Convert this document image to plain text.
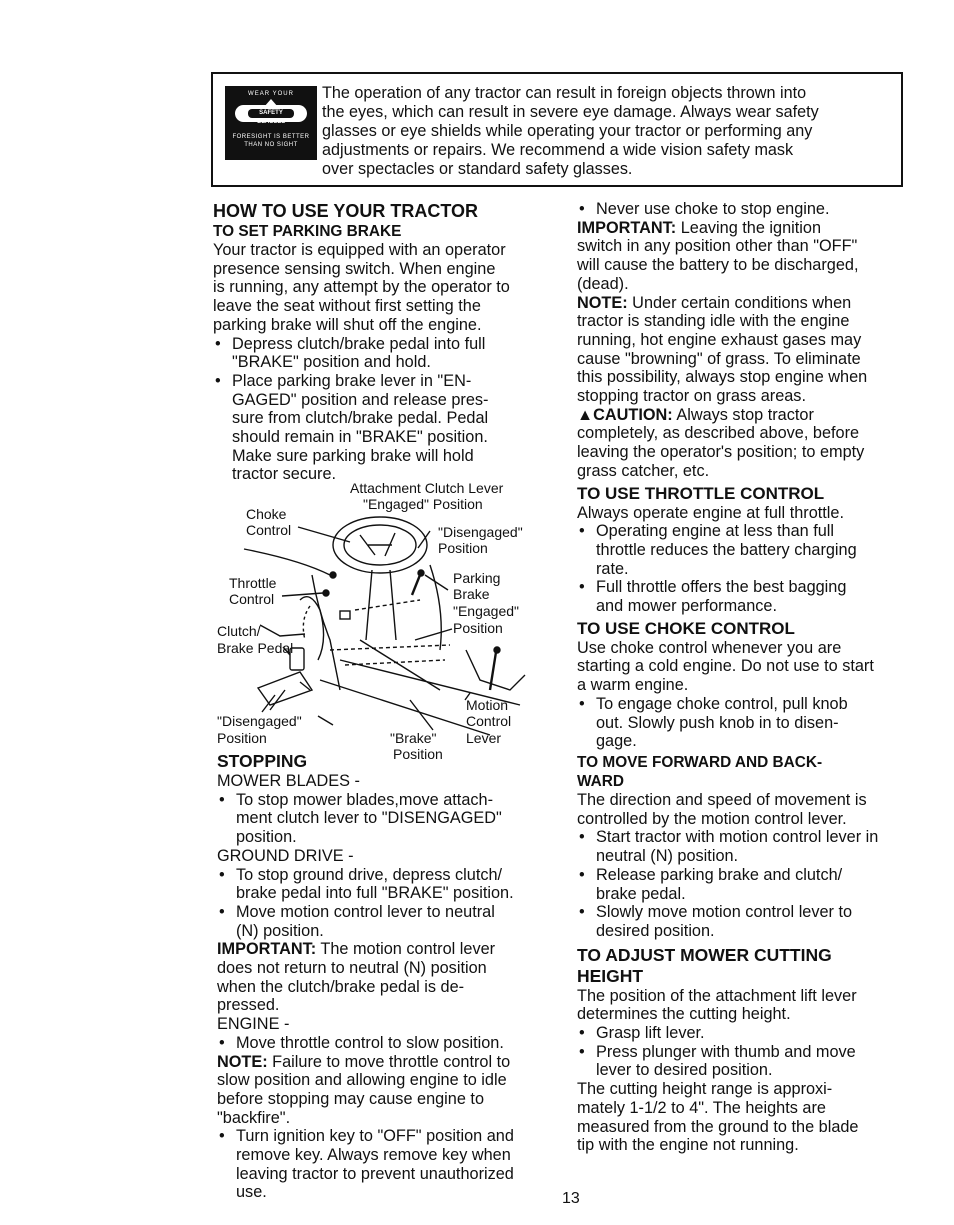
WEAR YOUR
SAFETY GLASSES
FORESIGHT IS BETTER THAN NO SIGHT

The operation of any tractor can result in foreign objects thrown into
the eyes, which can result in severe eye damage. Always wear safety
glasses or eye shields while operating your tractor or performing any
adjustments or repairs. We recommend a wide vision safety mask
over spectacles or standard safety glasses.

HOW TO USE YOUR TRACTOR

TO SET PARKING BRAKE

Your tractor is equipped with an operator
presence sensing switch. When engine
is running, any attempt by the operator to
leave the seat without first setting the
parking brake will shut off the engine.

• Depress clutch/brake pedal into full
"BRAKE" position and hold.

• Place parking brake lever in "EN-
GAGED" position and release pres-
sure from clutch/brake pedal. Pedal
should remain in "BRAKE" position.
Make sure parking brake will hold
tractor secure.

Attachment Clutch Lever
"Engaged" Position
Choke
Control	"Disengaged"
Position
Throttle
Control
Parking
Brake
"Engaged"
Position
Clutch/
Brake Pedal
Motion
Control
Lever
"Disengaged"
Position	"Brake"
Position

STOPPING

MOWER BLADES -

• To stop mower blades,move attach-
ment clutch lever to "DISENGAGED"
position.

GROUND DRIVE -

• To stop ground drive, depress clutch/
brake pedal into full "BRAKE" position.

• Move motion control lever to neutral
(N) position.

IMPORTANT: The motion control lever
does not return to neutral (N) position
when the clutch/brake pedal is de-
pressed.

ENGINE -

• Move throttle control to slow position.

NOTE: Failure to move throttle control to
slow position and allowing engine to idle
before stopping may cause engine to
"backfire".

• Turn ignition key to "OFF" position and
remove key. Always remove key when
leaving tractor to prevent unauthorized
use.

• Never use choke to stop engine.

IMPORTANT: Leaving the ignition
switch in any position other than "OFF"
will cause the battery to be discharged,
(dead).

NOTE: Under certain conditions when
tractor is standing idle with the engine
running, hot engine exhaust gases may
cause "browning" of grass. To eliminate
this possibility, always stop engine when
stopping tractor on grass areas.

▲CAUTION: Always stop tractor
completely, as described above, before
leaving the operator's position; to empty
grass catcher, etc.

TO USE THROTTLE CONTROL

Always operate engine at full throttle.

• Operating engine at less than full
throttle reduces the battery charging
rate.

• Full throttle offers the best bagging
and mower performance.

TO USE CHOKE CONTROL

Use choke control whenever you are
starting a cold engine. Do not use to start
a warm engine.

• To engage choke control, pull knob
out. Slowly push knob in to disen-
gage.

TO MOVE FORWARD AND BACK-
WARD

The direction and speed of movement is
controlled by the motion control lever.

• Start tractor with motion control lever in
neutral (N) position.

• Release parking brake and clutch/
brake pedal.

• Slowly move motion control lever to
desired position.

TO ADJUST MOWER CUTTING
HEIGHT

The position of the attachment lift lever
determines the cutting height.

• Grasp lift lever.

• Press plunger with thumb and move
lever to desired position.

The cutting height range is approxi-
mately 1-1/2 to 4". The heights are
measured from the ground to the blade
tip with the engine not running.

13
